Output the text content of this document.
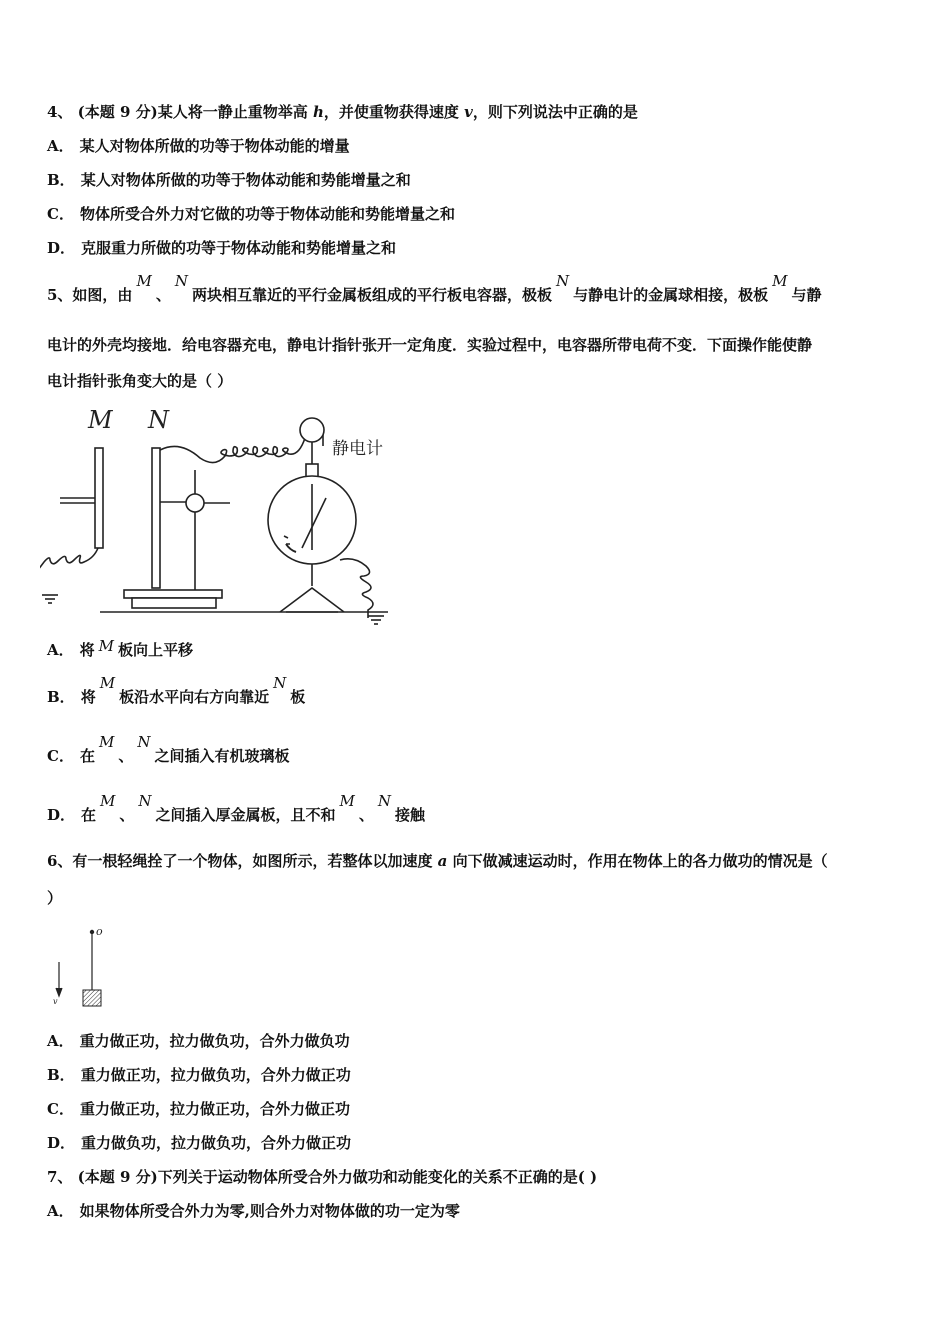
4、 (本题 9 分)某人将一静止重物举高 h，并使重物获得速度 v，则下列说法中正确的是
A． 某人对物体所做的功等于物体动能的增量
B． 某人对物体所做的功等于物体动能和势能增量之和
C． 物体所受合外力对它做的功等于物体动能和势能增量之和
D． 克服重力所做的功等于物体动能和势能增量之和
5、如图，由M、N两块相互靠近的平行金属板组成的平行板电容器，极板N与静电计的金属球相接，极板M与静
电计的外壳均接地．给电容器充电，静电计指针张开一定角度．实验过程中，电容器所带电荷不变．下面操作能使静
电计指针张角变大的是（ ）
M N
静电计
A． 将 M 板向上平移
B． 将M板沿水平向右方向靠近N板
C． 在M、N之间插入有机玻璃板
D． 在M、N之间插入厚金属板，且不和M、N接触
6、有一根轻绳拴了一个物体，如图所示，若整体以加速度 a 向下做减速运动时，作用在物体上的各力做功的情况是（
）
o
v
A． 重力做正功，拉力做负功，合外力做负功
B． 重力做正功，拉力做负功，合外力做正功
C． 重力做正功，拉力做正功，合外力做正功
D． 重力做负功，拉力做负功，合外力做正功
7、 (本题 9 分)下列关于运动物体所受合外力做功和动能变化的关系不正确的是( )
A． 如果物体所受合外力为零,则合外力对物体做的功一定为零
